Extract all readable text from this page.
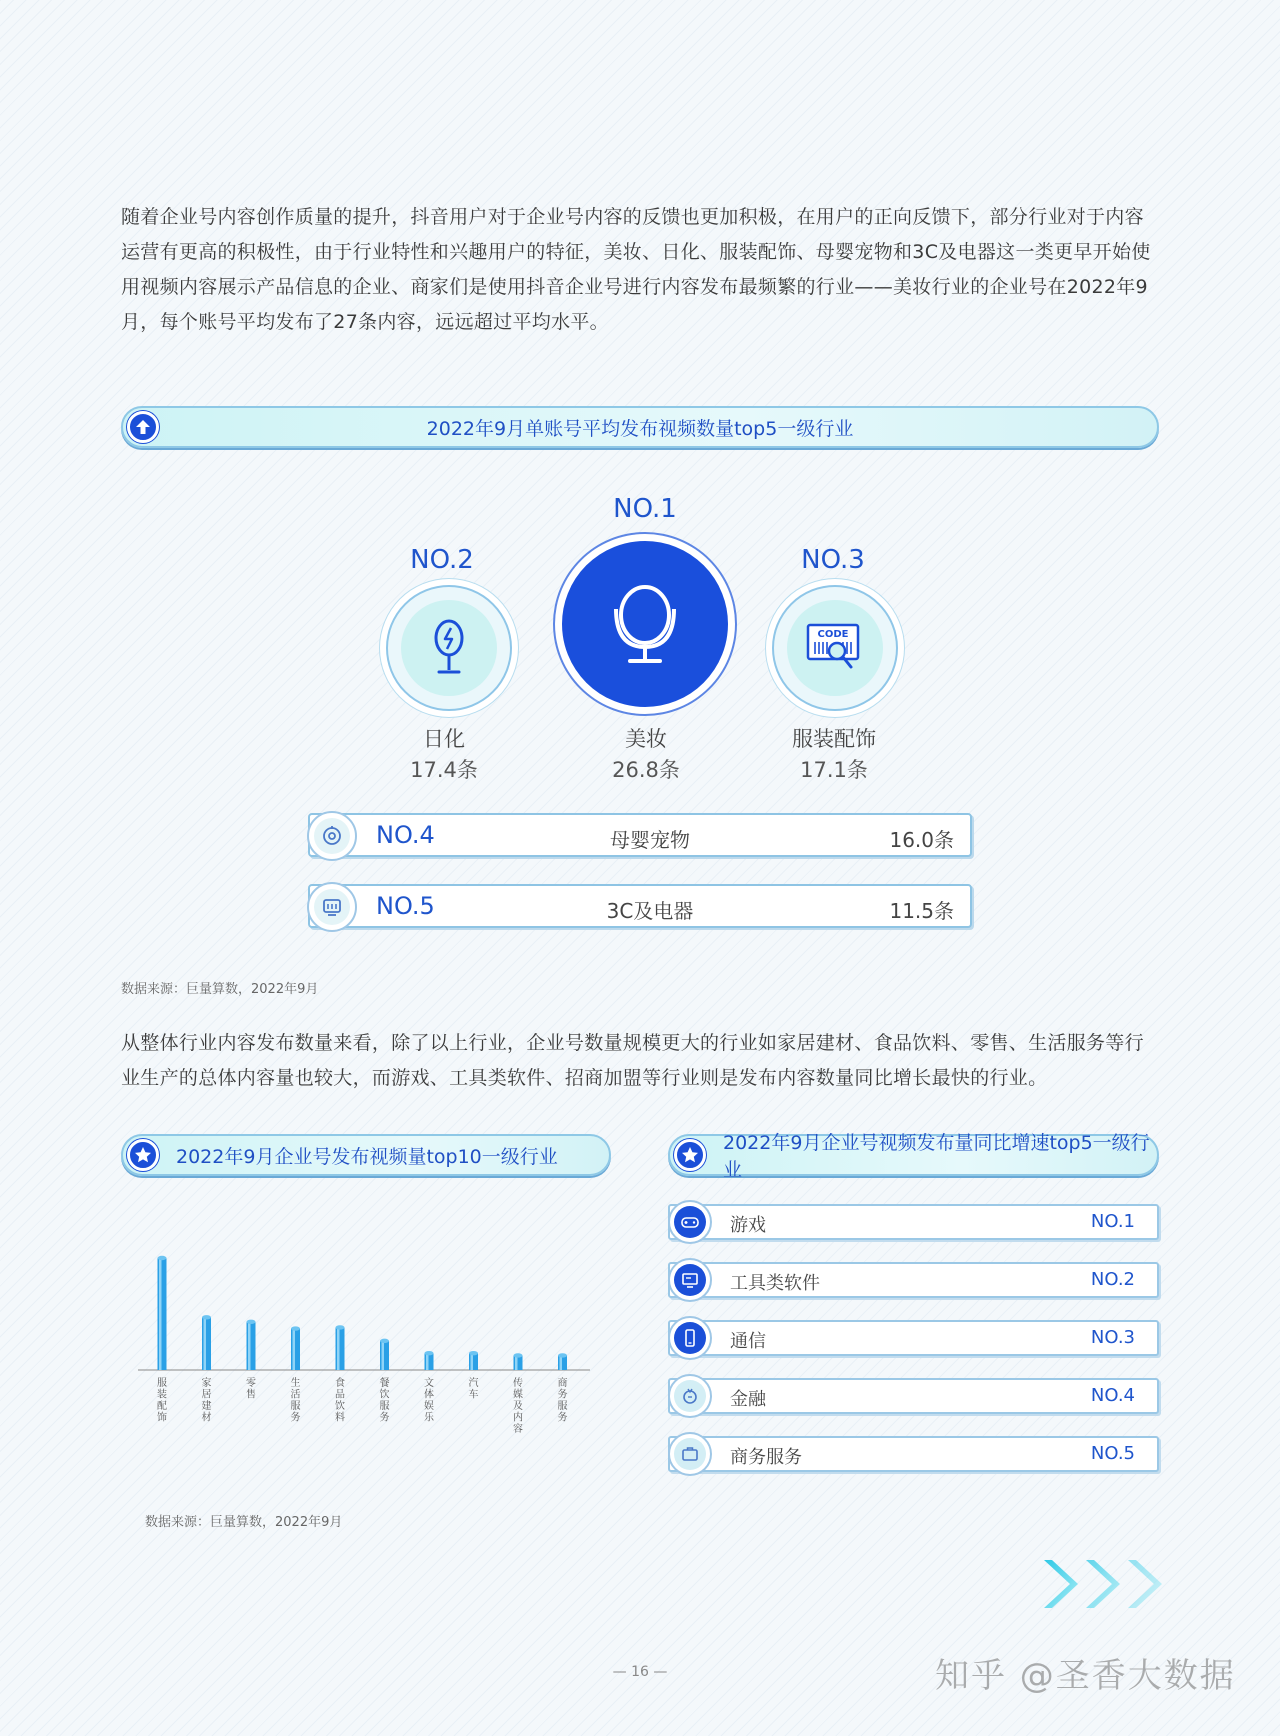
随着企业号内容创作质量的提升，抖音用户对于企业号内容的反馈也更加积极，在用户的正向反馈下，部分行业对于内容运营有更高的积极性，由于行业特性和兴趣用户的特征，美妆、日化、服装配饰、母婴宠物和3C及电器这一类更早开始使用视频内容展示产品信息的企业、商家们是使用抖音企业号进行内容发布最频繁的行业——美妆行业的企业号在2022年9月，每个账号平均发布了27条内容，远远超过平均水平。

2022年9月单账号平均发布视频数量top5一级行业
NO.1
美妆
26.8条
NO.2
日化
17.4条
NO.3
CODE
服装配饰
17.1条
NO.4	母婴宠物	16.0条
NO.5	3C及电器	11.5条
数据来源：巨量算数，2022年9月

从整体行业内容发布数量来看，除了以上行业，企业号数量规模更大的行业如家居建材、食品饮料、零售、生活服务等行业生产的总体内容量也较大，而游戏、工具类软件、招商加盟等行业则是发布内容数量同比增长最快的行业。

2022年9月企业号发布视频量top10一级行业
2022年9月企业号视频发布量同比增速top5一级行业
服装配饰
家居建材
零售
生活服务
食品饮料
餐饮服务
文体娱乐
汽车
传媒及内容
商务服务
游戏	NO.1
工具类软件	NO.2
通信	NO.3
金融	NO.4
商务服务	NO.5
数据来源：巨量算数，2022年9月
— 16 —	知乎 @圣香大数据
